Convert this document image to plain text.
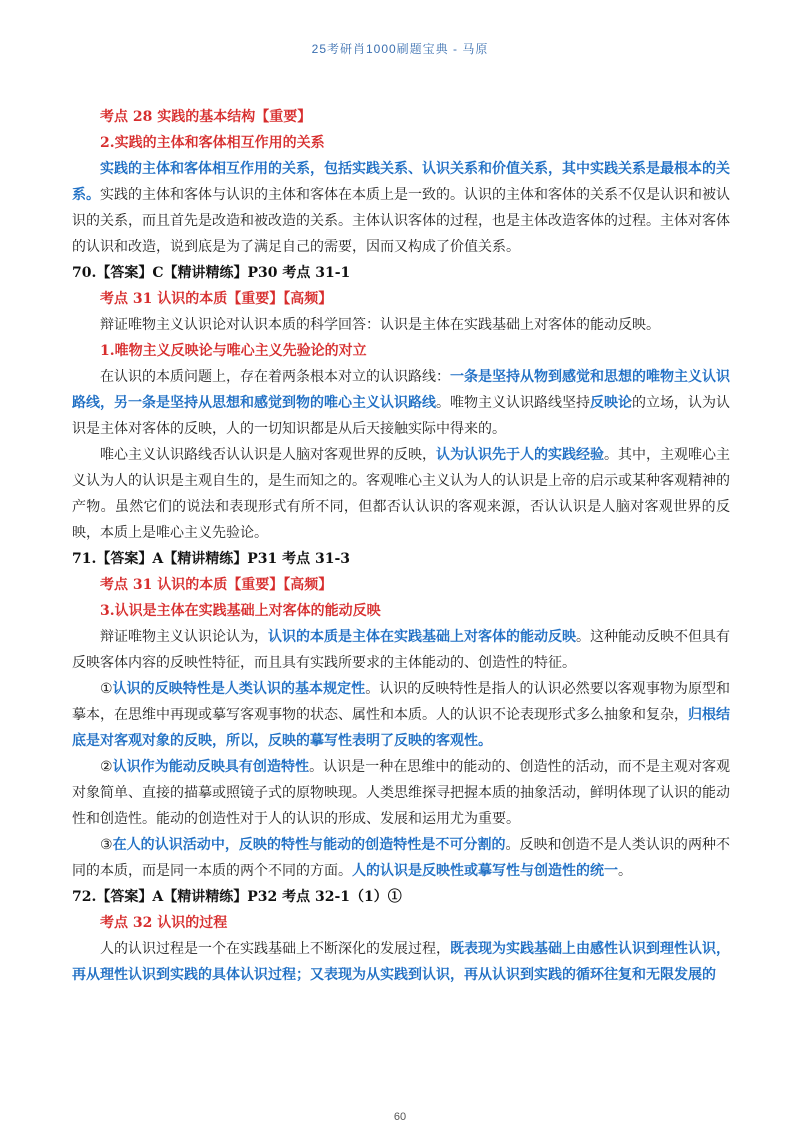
25考研肖1000刷题宝典 - 马原

考点 28 实践的基本结构【重要】

2.实践的主体和客体相互作用的关系

实践的主体和客体相互作用的关系，包括实践关系、认识关系和价值关系，其中实践关系是最根本的关系。实践的主体和客体与认识的主体和客体在本质上是一致的。认识的主体和客体的关系不仅是认识和被认识的关系，而且首先是改造和被改造的关系。主体认识客体的过程，也是主体改造客体的过程。主体对客体的认识和改造，说到底是为了满足自己的需要，因而又构成了价值关系。

70.【答案】C【精讲精练】P30 考点 31-1

考点 31 认识的本质【重要】【高频】

辩证唯物主义认识论对认识本质的科学回答：认识是主体在实践基础上对客体的能动反映。

1.唯物主义反映论与唯心主义先验论的对立

在认识的本质问题上，存在着两条根本对立的认识路线：一条是坚持从物到感觉和思想的唯物主义认识路线，另一条是坚持从思想和感觉到物的唯心主义认识路线。唯物主义认识路线坚持反映论的立场，认为认识是主体对客体的反映，人的一切知识都是从后天接触实际中得来的。

唯心主义认识路线否认认识是人脑对客观世界的反映，认为认识先于人的实践经验。其中，主观唯心主义认为人的认识是主观自生的，是生而知之的。客观唯心主义认为人的认识是上帝的启示或某种客观精神的产物。虽然它们的说法和表现形式有所不同，但都否认认识的客观来源，否认认识是人脑对客观世界的反映，本质上是唯心主义先验论。

71.【答案】A【精讲精练】P31 考点 31-3

考点 31 认识的本质【重要】【高频】

3.认识是主体在实践基础上对客体的能动反映

辩证唯物主义认识论认为，认识的本质是主体在实践基础上对客体的能动反映。这种能动反映不但具有反映客体内容的反映性特征，而且具有实践所要求的主体能动的、创造性的特征。

①认识的反映特性是人类认识的基本规定性。认识的反映特性是指人的认识必然要以客观事物为原型和摹本，在思维中再现或摹写客观事物的状态、属性和本质。人的认识不论表现形式多么抽象和复杂，归根结底是对客观对象的反映，所以，反映的摹写性表明了反映的客观性。

②认识作为能动反映具有创造特性。认识是一种在思维中的能动的、创造性的活动，而不是主观对客观对象简单、直接的描摹或照镜子式的原物映现。人类思维探寻把握本质的抽象活动，鲜明体现了认识的能动性和创造性。能动的创造性对于人的认识的形成、发展和运用尤为重要。

③在人的认识活动中，反映的特性与能动的创造特性是不可分割的。反映和创造不是人类认识的两种不同的本质，而是同一本质的两个不同的方面。人的认识是反映性或摹写性与创造性的统一。

72.【答案】A【精讲精练】P32 考点 32-1（1）①

考点 32 认识的过程

人的认识过程是一个在实践基础上不断深化的发展过程，既表现为实践基础上由感性认识到理性认识，再从理性认识到实践的具体认识过程；又表现为从实践到认识，再从认识到实践的循环往复和无限发展的

60
